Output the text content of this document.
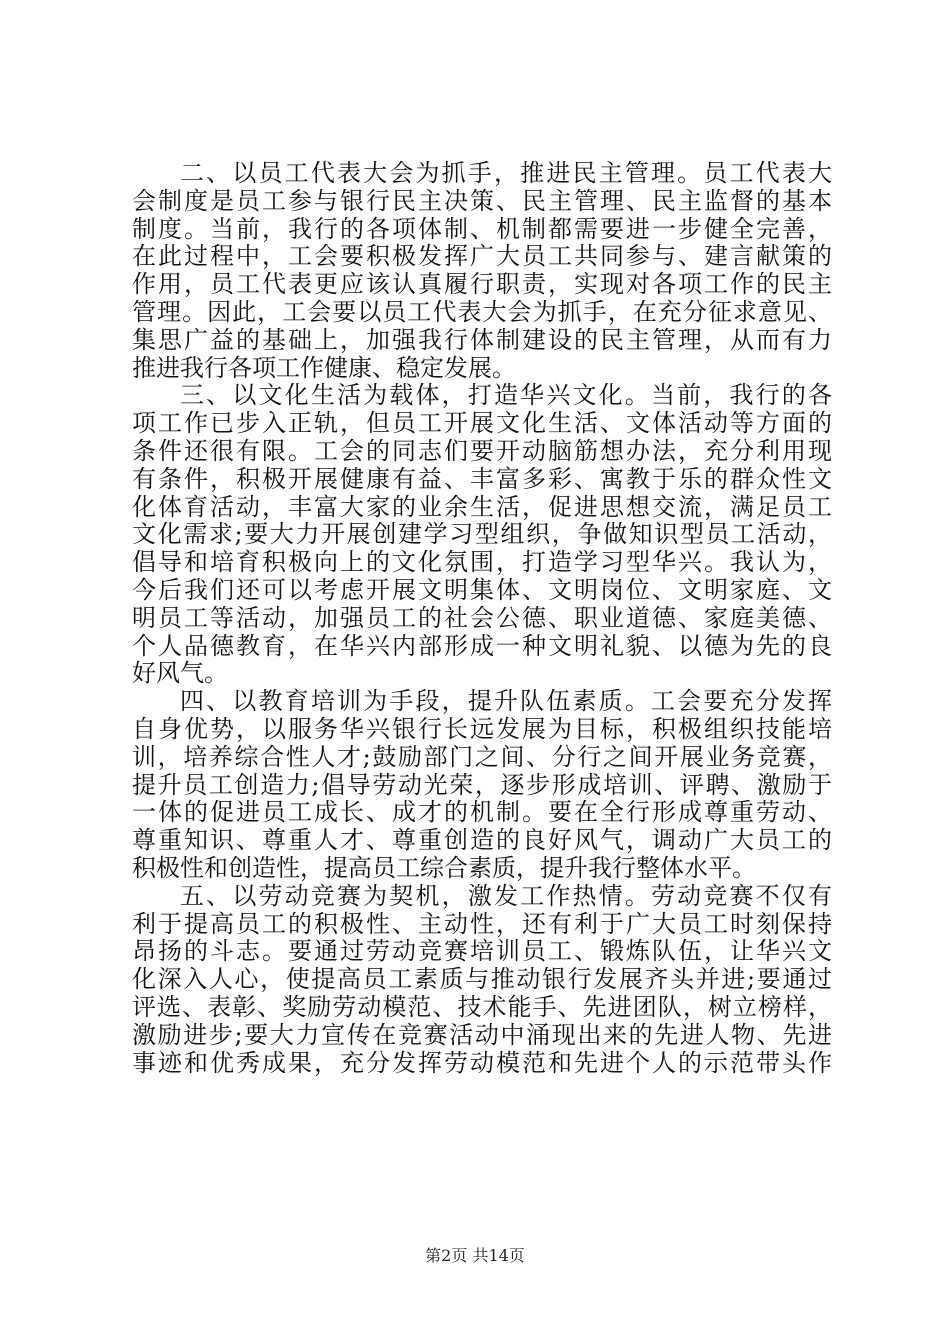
二、以员工代表大会为抓手，推进民主管理。员工代表大
会制度是员工参与银行民主决策、民主管理、民主监督的基本
制度。当前，我行的各项体制、机制都需要进一步健全完善，
在此过程中，工会要积极发挥广大员工共同参与、建言献策的
作用，员工代表更应该认真履行职责，实现对各项工作的民主
管理。因此，工会要以员工代表大会为抓手，在充分征求意见、
集思广益的基础上，加强我行体制建设的民主管理，从而有力
推进我行各项工作健康、稳定发展。
三、以文化生活为载体，打造华兴文化。当前，我行的各
项工作已步入正轨，但员工开展文化生活、文体活动等方面的
条件还很有限。工会的同志们要开动脑筋想办法，充分利用现
有条件，积极开展健康有益、丰富多彩、寓教于乐的群众性文
化体育活动，丰富大家的业余生活，促进思想交流，满足员工
文化需求;要大力开展创建学习型组织，争做知识型员工活动，
倡导和培育积极向上的文化氛围，打造学习型华兴。我认为，
今后我们还可以考虑开展文明集体、文明岗位、文明家庭、文
明员工等活动，加强员工的社会公德、职业道德、家庭美德、
个人品德教育，在华兴内部形成一种文明礼貌、以德为先的良
好风气。
四、以教育培训为手段，提升队伍素质。工会要充分发挥
自身优势，以服务华兴银行长远发展为目标，积极组织技能培
训，培养综合性人才;鼓励部门之间、分行之间开展业务竞赛，
提升员工创造力;倡导劳动光荣，逐步形成培训、评聘、激励于
一体的促进员工成长、成才的机制。要在全行形成尊重劳动、
尊重知识、尊重人才、尊重创造的良好风气，调动广大员工的
积极性和创造性，提高员工综合素质，提升我行整体水平。
五、以劳动竞赛为契机，激发工作热情。劳动竞赛不仅有
利于提高员工的积极性、主动性，还有利于广大员工时刻保持
昂扬的斗志。要通过劳动竞赛培训员工、锻炼队伍，让华兴文
化深入人心，使提高员工素质与推动银行发展齐头并进;要通过
评选、表彰、奖励劳动模范、技术能手、先进团队，树立榜样，
激励进步;要大力宣传在竞赛活动中涌现出来的先进人物、先进
事迹和优秀成果，充分发挥劳动模范和先进个人的示范带头作
第2页 共14页
